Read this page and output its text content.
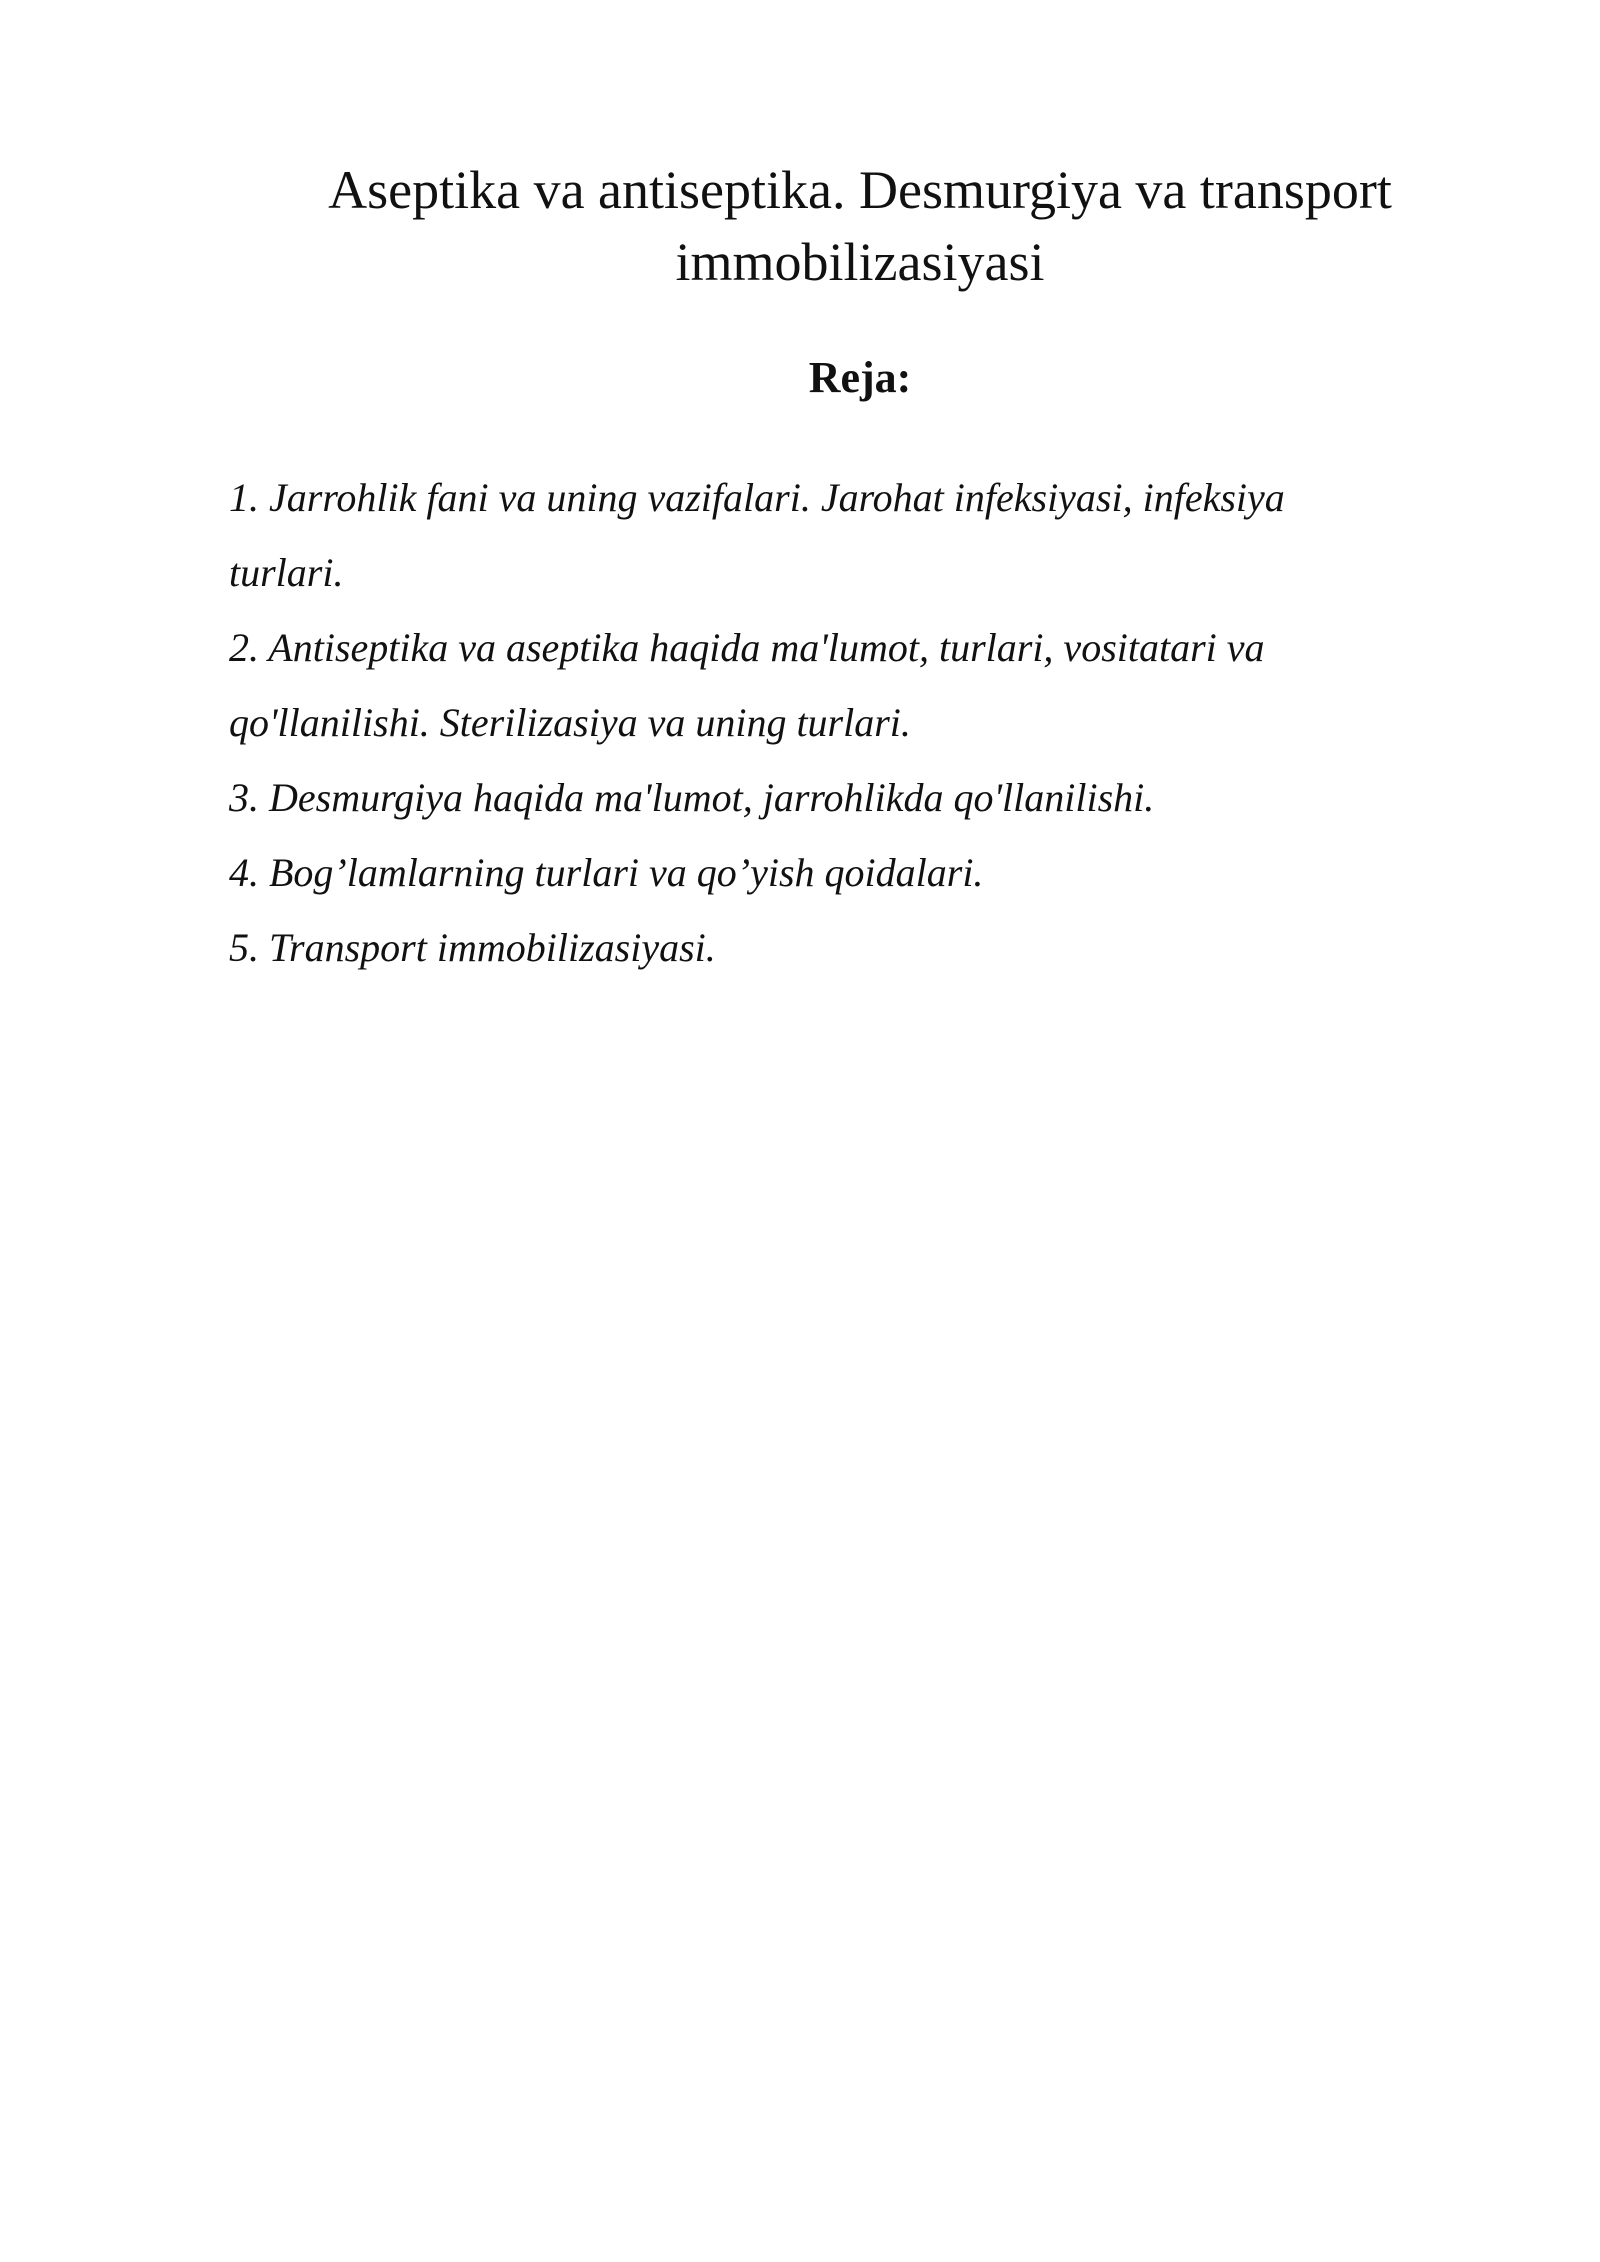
Aseptika va antiseptika. Desmurgiya va transport
immobilizasiyasi
Reja:
1. Jarrohlik fani va uning vazifalari. Jarohat infeksiyasi, infeksiya turlari.
2. Antiseptika va aseptika haqida ma'lumot, turlari, vositatari va qo'llanilishi. Sterilizasiya va uning turlari.
3. Desmurgiya haqida ma'lumot, jarrohlikda qo'llanilishi.
4. Bog’lamlarning turlari va qo’yish qoidalari.
5. Transport immobilizasiyasi.
